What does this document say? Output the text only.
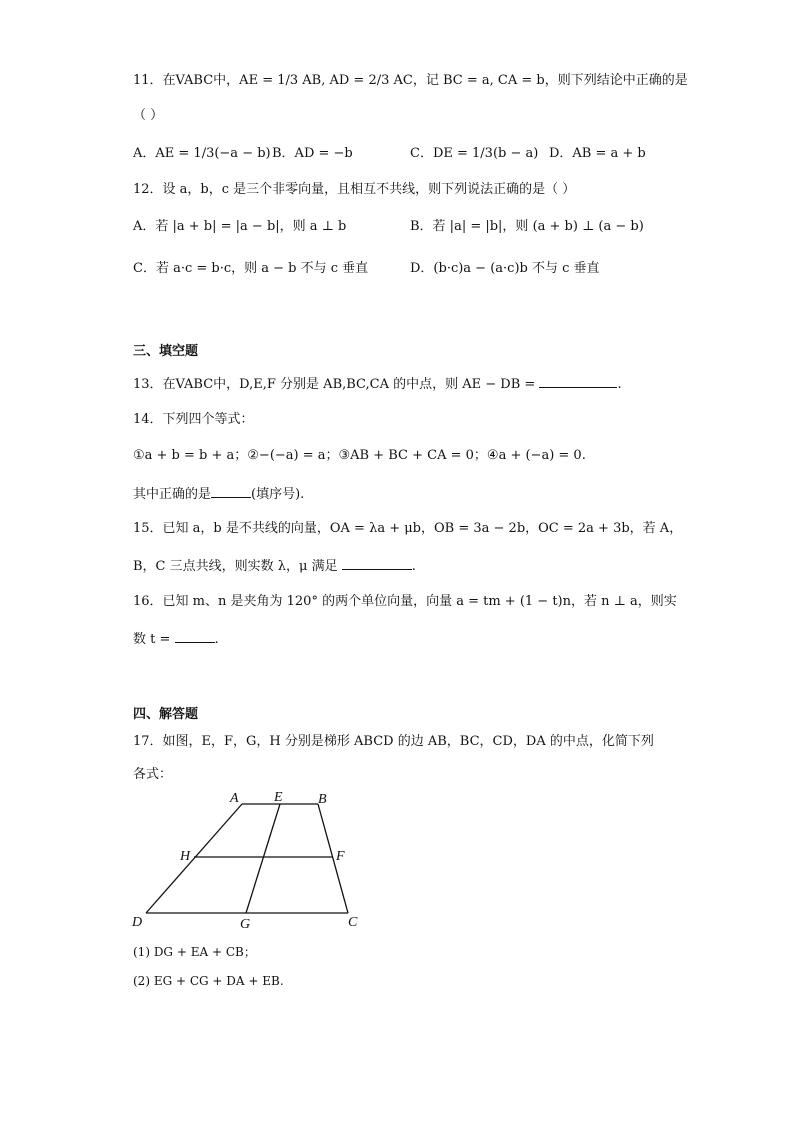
11．在VABC中，AE = 1/3 AB, AD = 2/3 AC，记 BC = a, CA = b，则下列结论中正确的是
（ ）
A．AE = 1/3(−a − b) B．AD = −b	C．DE = 1/3(b − a) D．AB = a + b
12．设 a，b，c 是三个非零向量，且相互不共线，则下列说法正确的是（ ）
A．若 |a + b| = |a − b|，则 a ⊥ b	B．若 |a| = |b|，则 (a + b) ⊥ (a − b)
C．若 a·c = b·c，则 a − b 不与 c 垂直	D．(b·c)a − (a·c)b 不与 c 垂直
三、填空题
13．在VABC中，D,E,F 分别是 AB,BC,CA 的中点，则 AE − DB =	.
14．下列四个等式：
①a + b = b + a；②−(−a) = a；③AB + BC + CA = 0；④a + (−a) = 0.
其中正确的是	(填序号).
15．已知 a，b 是不共线的向量，OA = λa + μb，OB = 3a − 2b，OC = 2a + 3b，若 A，
B，C 三点共线，则实数 λ，μ 满足	.
16．已知 m、n 是夹角为 120° 的两个单位向量，向量 a = tm + (1 − t)n，若 n ⊥ a，则实
数 t =	.
四、解答题
17．如图，E，F，G，H 分别是梯形 ABCD 的边 AB，BC，CD，DA 的中点，化简下列
各式：
A	E	B
H	F
D	G	C
(1) DG + EA + CB；
(2) EG + CG + DA + EB.
